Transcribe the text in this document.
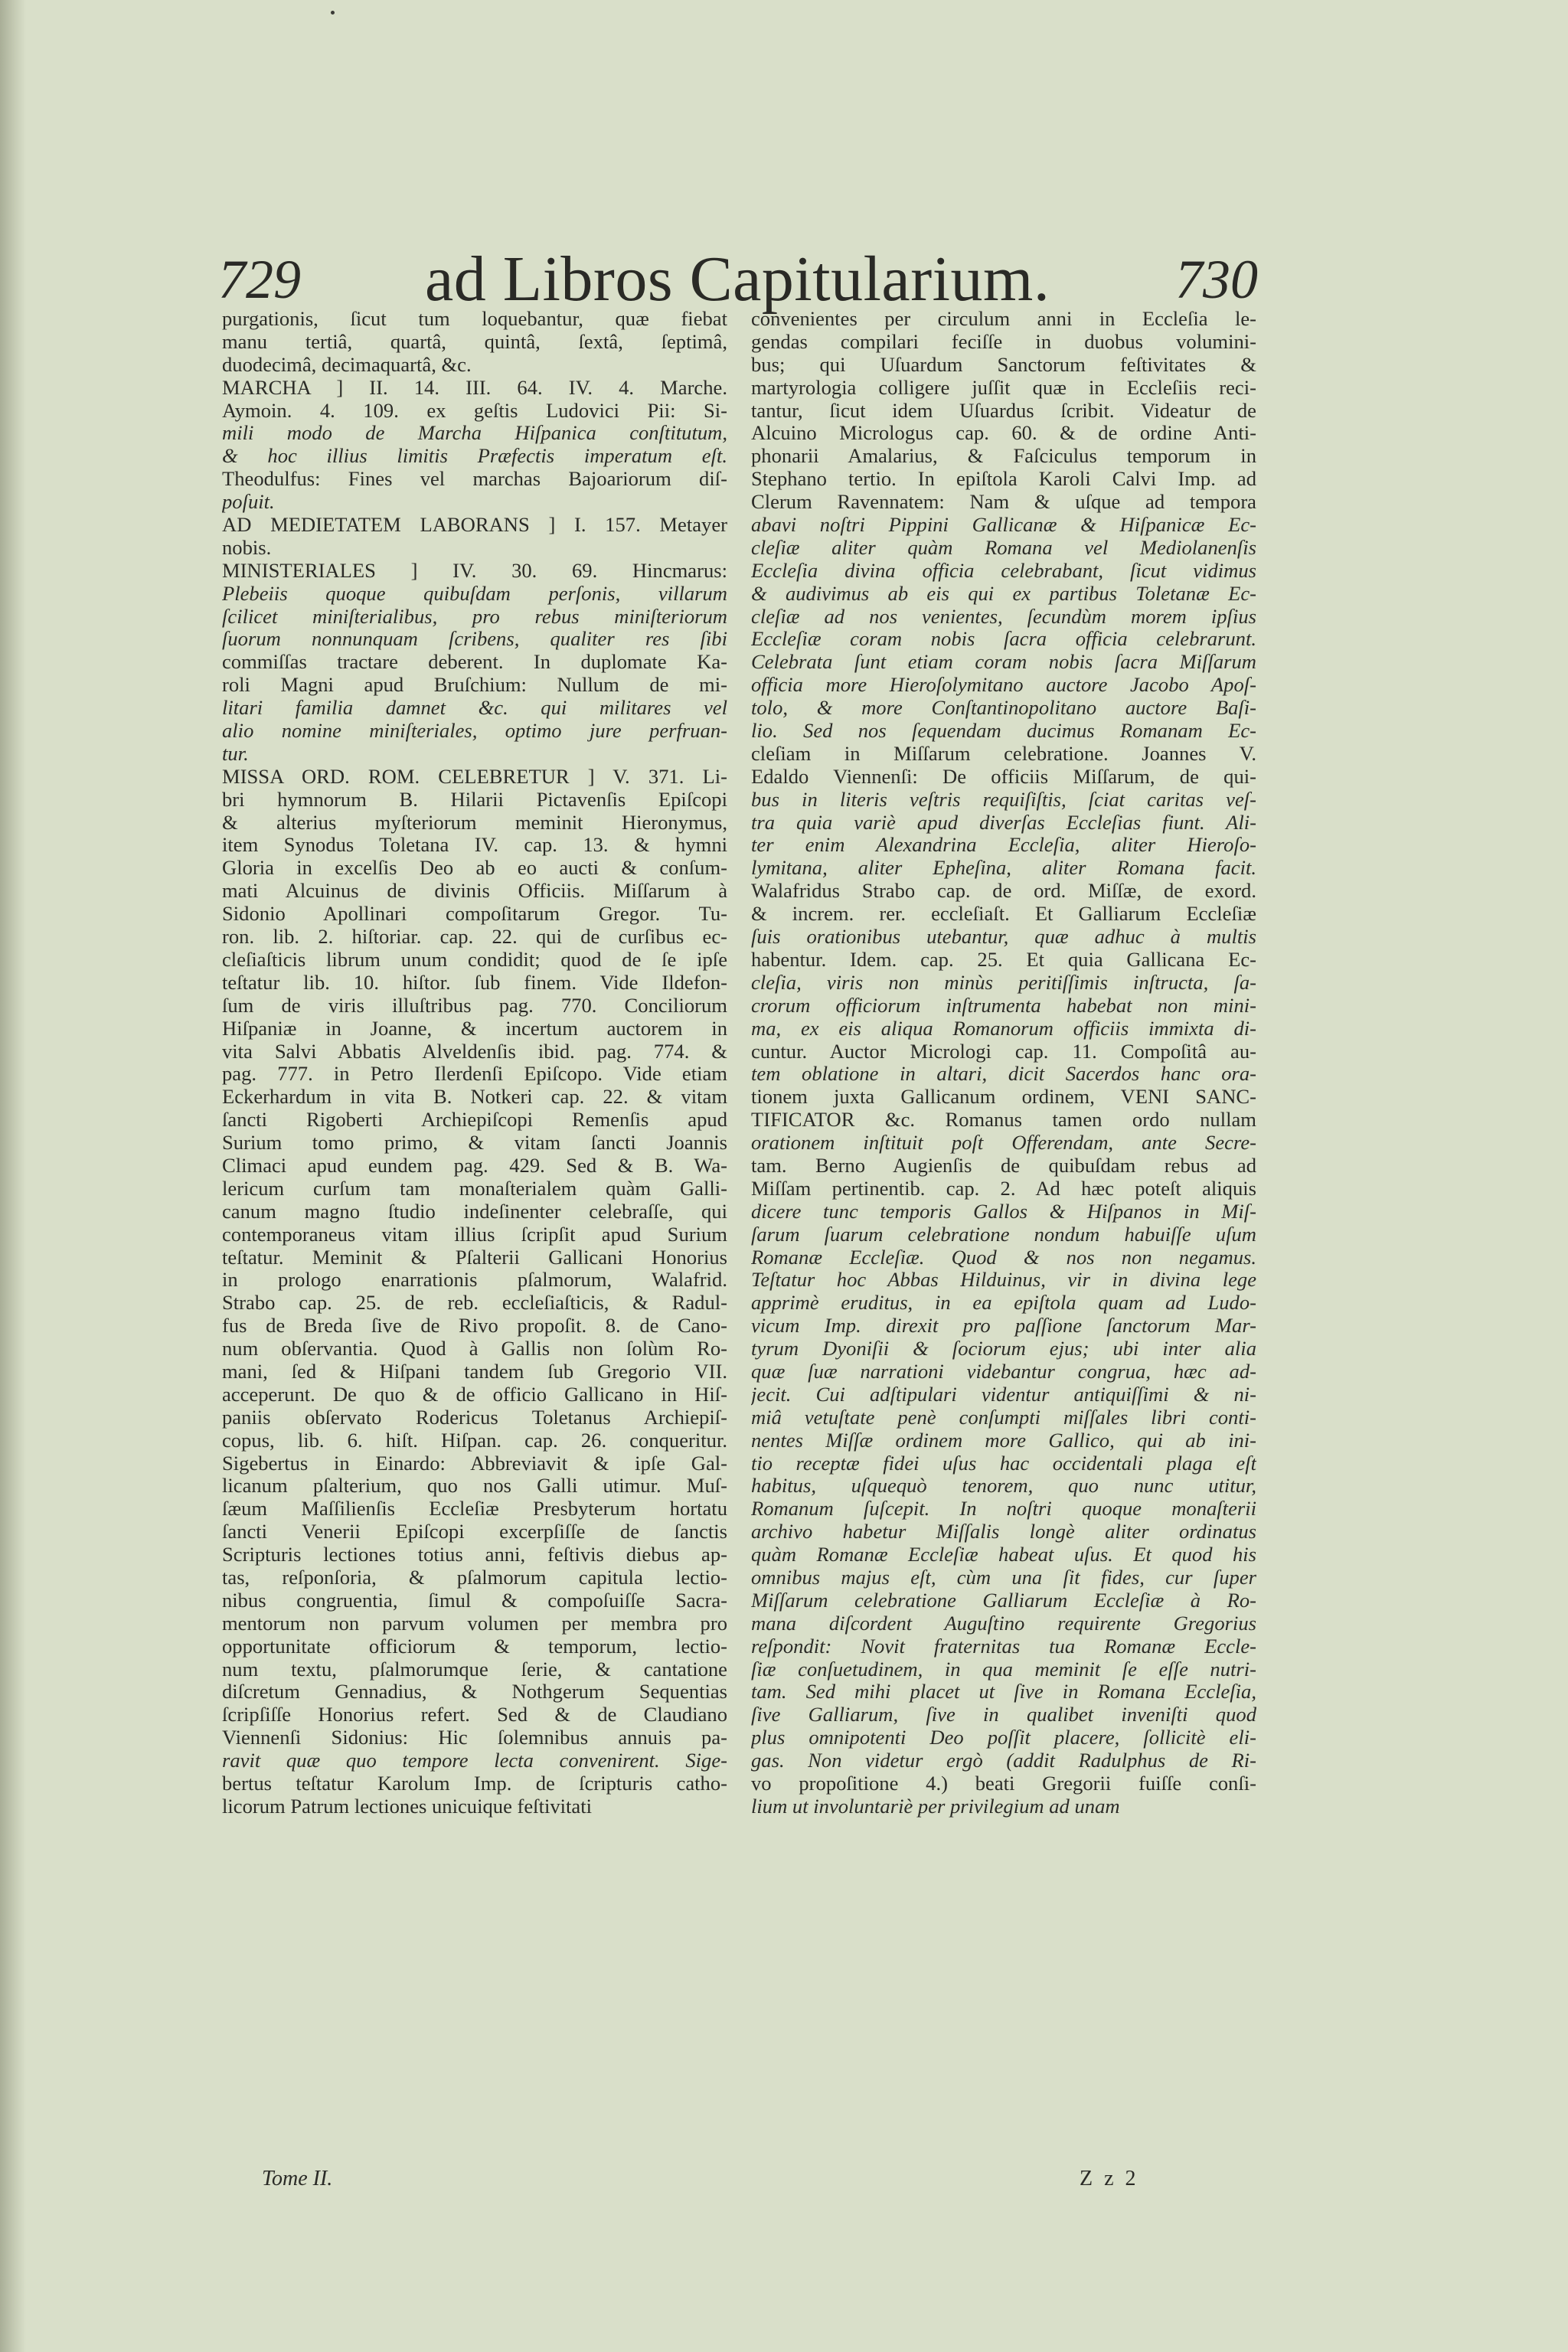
729 ad Libros Capitularium. 730
purgationis, ſicut tum loquebantur, quæ fiebat
manu tertiâ, quartâ, quintâ, ſextâ, ſeptimâ,
duodecimâ, decimaquartâ, &c.
MARCHA ] II. 14. III. 64. IV. 4. Marche.
Aymoin. 4. 109. ex geſtis Ludovici Pii: Si-
mili modo de Marcha Hiſpanica conſtitutum,
& hoc illius limitis Præfectis imperatum eſt.
Theodulfus: Fines vel marchas Bajoariorum diſ-
poſuit.
AD MEDIETATEM LABORANS ] I. 157. Metayer
nobis.
MINISTERIALES ] IV. 30. 69. Hincmarus:
Plebeiis quoque quibuſdam perſonis, villarum
ſcilicet miniſterialibus, pro rebus miniſteriorum
ſuorum nonnunquam ſcribens, qualiter res ſibi
commiſſas tractare deberent. In duplomate Ka-
roli Magni apud Bruſchium: Nullum de mi-
litari familia damnet &c. qui militares vel
alio nomine miniſteriales, optimo jure perfruan-
tur.
MISSA ORD. ROM. CELEBRETUR ] V. 371. Li-
bri hymnorum B. Hilarii Pictavenſis Epiſcopi
& alterius myſteriorum meminit Hieronymus,
item Synodus Toletana IV. cap. 13. & hymni
Gloria in excelſis Deo ab eo aucti & conſum-
mati Alcuinus de divinis Officiis. Miſſarum à
Sidonio Apollinari compoſitarum Gregor. Tu-
ron. lib. 2. hiſtoriar. cap. 22. qui de curſibus ec-
cleſiaſticis librum unum condidit; quod de ſe ipſe
teſtatur lib. 10. hiſtor. ſub finem. Vide Ildefon-
ſum de viris illuſtribus pag. 770. Conciliorum
Hiſpaniæ in Joanne, & incertum auctorem in
vita Salvi Abbatis Alveldenſis ibid. pag. 774. &
pag. 777. in Petro Ilerdenſi Epiſcopo. Vide etiam
Eckerhardum in vita B. Notkeri cap. 22. & vitam
ſancti Rigoberti Archiepiſcopi Remenſis apud
Surium tomo primo, & vitam ſancti Joannis
Climaci apud eundem pag. 429. Sed & B. Wa-
lericum curſum tam monaſterialem quàm Galli-
canum magno ſtudio indeſinenter celebraſſe, qui
contemporaneus vitam illius ſcripſit apud Surium
teſtatur. Meminit & Pſalterii Gallicani Honorius
in prologo enarrationis pſalmorum, Walafrid.
Strabo cap. 25. de reb. eccleſiaſticis, & Radul-
fus de Breda ſive de Rivo propoſit. 8. de Cano-
num obſervantia. Quod à Gallis non ſolùm Ro-
mani, ſed & Hiſpani tandem ſub Gregorio VII.
acceperunt. De quo & de officio Gallicano in Hiſ-
paniis obſervato Rodericus Toletanus Archiepiſ-
copus, lib. 6. hiſt. Hiſpan. cap. 26. conqueritur.
Sigebertus in Einardo: Abbreviavit & ipſe Gal-
licanum pſalterium, quo nos Galli utimur. Muſ-
ſæum Maſſilienſis Eccleſiæ Presbyterum hortatu
ſancti Venerii Epiſcopi excerpſiſſe de ſanctis
Scripturis lectiones totius anni, feſtivis diebus ap-
tas, reſponſoria, & pſalmorum capitula lectio-
nibus congruentia, ſimul & compoſuiſſe Sacra-
mentorum non parvum volumen per membra pro
opportunitate officiorum & temporum, lectio-
num textu, pſalmorumque ſerie, & cantatione
diſcretum Gennadius, & Nothgerum Sequentias
ſcripſiſſe Honorius refert. Sed & de Claudiano
Viennenſi Sidonius: Hic ſolemnibus annuis pa-
ravit quæ quo tempore lecta convenirent. Sige-
bertus teſtatur Karolum Imp. de ſcripturis catho-
licorum Patrum lectiones unicuique feſtivitati
convenientes per circulum anni in Eccleſia le-
gendas compilari feciſſe in duobus volumini-
bus; qui Uſuardum Sanctorum feſtivitates &
martyrologia colligere juſſit quæ in Eccleſiis reci-
tantur, ſicut idem Uſuardus ſcribit. Videatur de
Alcuino Micrologus cap. 60. & de ordine Anti-
phonarii Amalarius, & Faſciculus temporum in
Stephano tertio. In epiſtola Karoli Calvi Imp. ad
Clerum Ravennatem: Nam & uſque ad tempora
abavi noſtri Pippini Gallicanæ & Hiſpanicæ Ec-
cleſiæ aliter quàm Romana vel Mediolanenſis
Eccleſia divina officia celebrabant, ſicut vidimus
& audivimus ab eis qui ex partibus Toletanæ Ec-
cleſiæ ad nos venientes, ſecundùm morem ipſius
Eccleſiæ coram nobis ſacra officia celebrarunt.
Celebrata ſunt etiam coram nobis ſacra Miſſarum
officia more Hieroſolymitano auctore Jacobo Apoſ-
tolo, & more Conſtantinopolitano auctore Baſi-
lio. Sed nos ſequendam ducimus Romanam Ec-
cleſiam in Miſſarum celebratione. Joannes V.
Edaldo Viennenſi: De officiis Miſſarum, de qui-
bus in literis veſtris requiſiſtis, ſciat caritas veſ-
tra quia variè apud diverſas Eccleſias fiunt. Ali-
ter enim Alexandrina Eccleſia, aliter Hieroſo-
lymitana, aliter Epheſina, aliter Romana facit.
Walafridus Strabo cap. de ord. Miſſæ, de exord.
& increm. rer. eccleſiaſt. Et Galliarum Eccleſiæ
ſuis orationibus utebantur, quæ adhuc à multis
habentur. Idem. cap. 25. Et quia Gallicana Ec-
cleſia, viris non minùs peritiſſimis inſtructa, ſa-
crorum officiorum inſtrumenta habebat non mini-
ma, ex eis aliqua Romanorum officiis immixta di-
cuntur. Auctor Micrologi cap. 11. Compoſitâ au-
tem oblatione in altari, dicit Sacerdos hanc ora-
tionem juxta Gallicanum ordinem, VENI SANC-
TIFICATOR &c. Romanus tamen ordo nullam
orationem inſtituit poſt Offerendam, ante Secre-
tam. Berno Augienſis de quibuſdam rebus ad
Miſſam pertinentib. cap. 2. Ad hæc poteſt aliquis
dicere tunc temporis Gallos & Hiſpanos in Miſ-
ſarum ſuarum celebratione nondum habuiſſe uſum
Romanæ Eccleſiæ. Quod & nos non negamus.
Teſtatur hoc Abbas Hilduinus, vir in divina lege
apprimè eruditus, in ea epiſtola quam ad Ludo-
vicum Imp. direxit pro paſſione ſanctorum Mar-
tyrum Dyoniſii & ſociorum ejus; ubi inter alia
quæ ſuæ narrationi videbantur congrua, hæc ad-
jecit. Cui adſtipulari videntur antiquiſſimi & ni-
miâ vetuſtate penè conſumpti miſſales libri conti-
nentes Miſſæ ordinem more Gallico, qui ab ini-
tio receptæ fidei uſus hac occidentali plaga eſt
habitus, uſquequò tenorem, quo nunc utitur,
Romanum ſuſcepit. In noſtri quoque monaſterii
archivo habetur Miſſalis longè aliter ordinatus
quàm Romanæ Eccleſiæ habeat uſus. Et quod his
omnibus majus eſt, cùm una ſit fides, cur ſuper
Miſſarum celebratione Galliarum Eccleſiæ à Ro-
mana diſcordent Auguſtino requirente Gregorius
reſpondit: Novit fraternitas tua Romanæ Eccle-
ſiæ conſuetudinem, in qua meminit ſe eſſe nutri-
tam. Sed mihi placet ut ſive in Romana Eccleſia,
ſive Galliarum, ſive in qualibet inveniſti quod
plus omnipotenti Deo poſſit placere, ſollicitè eli-
gas. Non videtur ergò (addit Radulphus de Ri-
vo propoſitione 4.) beati Gregorii fuiſſe conſi-
lium ut involuntariè per privilegium ad unam
Tome II.	Z z 2
